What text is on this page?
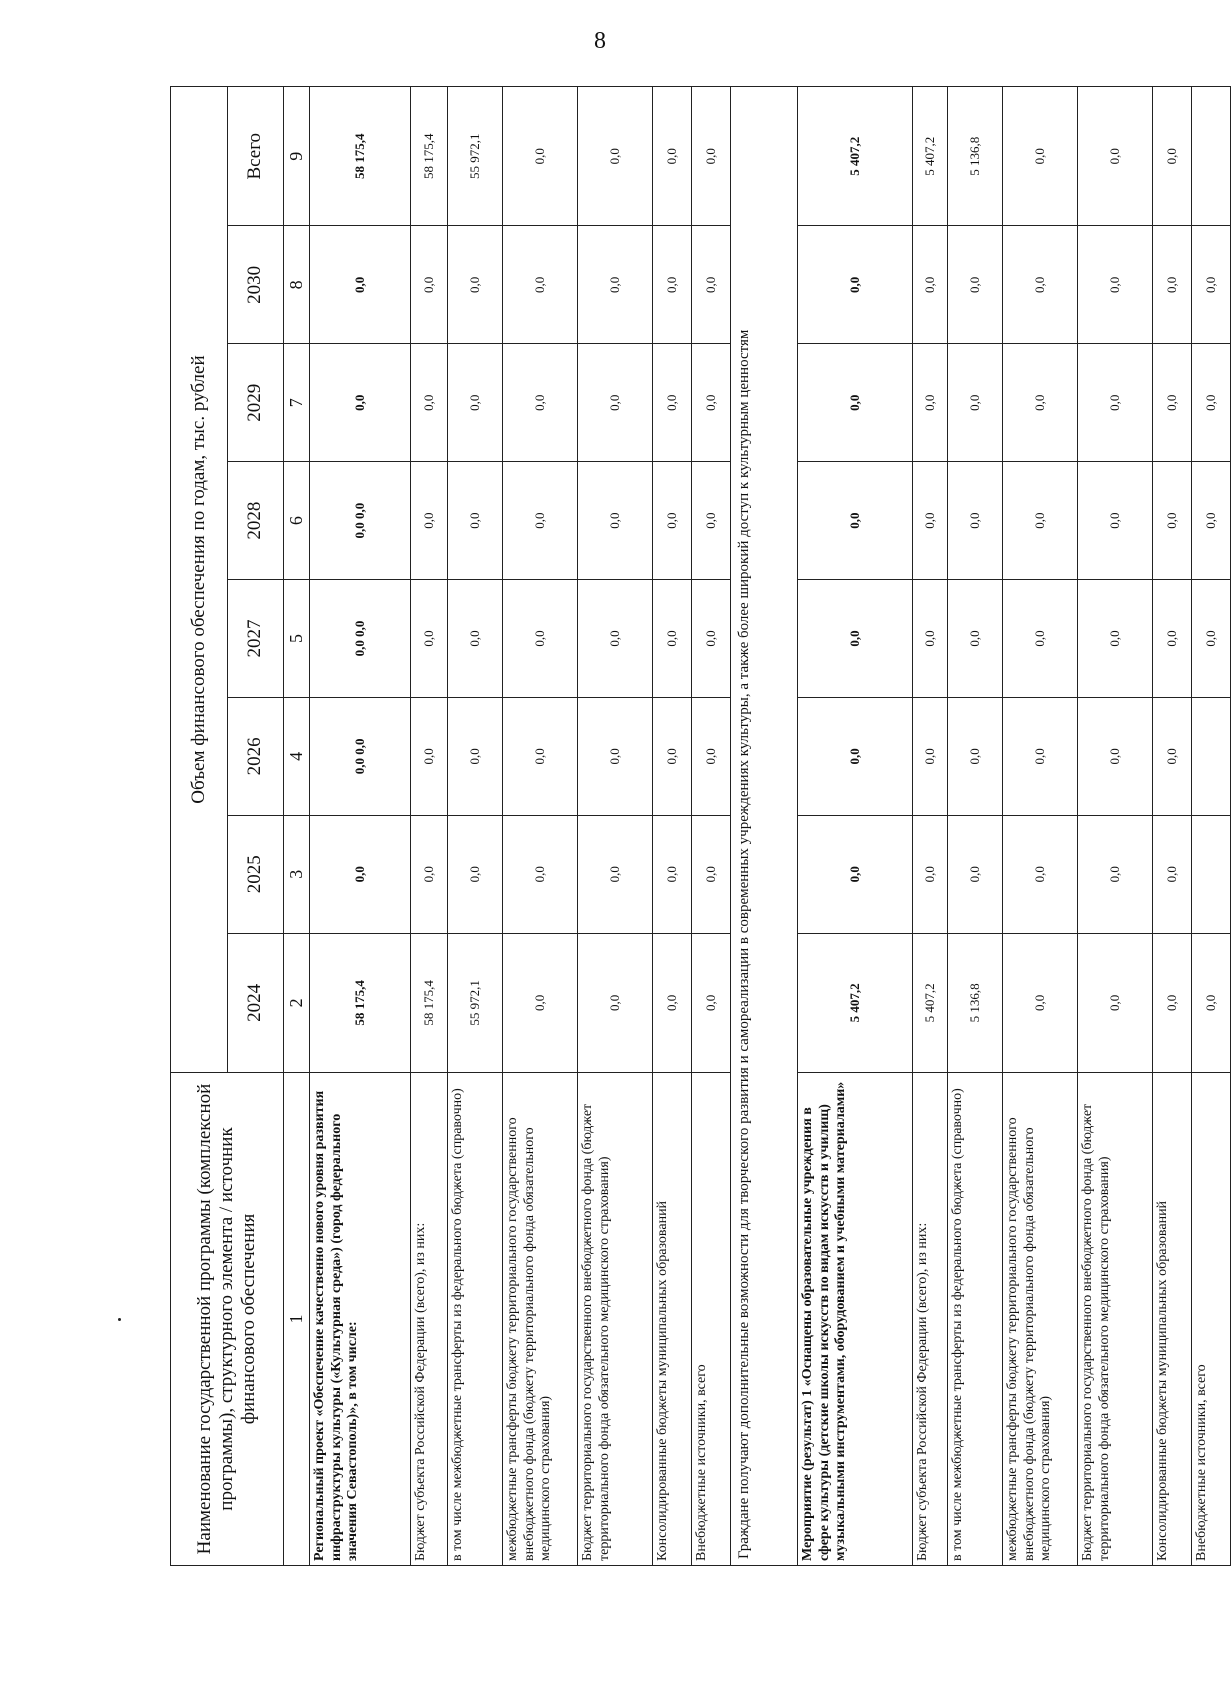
8
Наименование государственной программы (комплексной программы), структурного элемента / источник финансового обеспечения	Объем финансового обеспечения по годам, тыс. рублей							
	2024	2025	2026	2027	2028	2029	2030	Всего
1	2	3	4	5	6	7	8	9
Региональный проект «Обеспечение качественно нового уровня развития инфраструктуры культуры («Культурная среда») (город федерального значения Севастополь)», в том числе:	58 175,4	0,0	0,0 0,0	0,0 0,0	0,0 0,0	0,0	0,0	58 175,4
Бюджет субъекта Российской Федерации (всего), из них:	58 175,4	0,0	0,0	0,0	0,0	0,0	0,0	58 175,4
в том числе межбюджетные трансферты из федерального бюджета (справочно)	55 972,1	0,0	0,0	0,0	0,0	0,0	0,0	55 972,1
межбюджетные трансферты бюджету территориального государственного внебюджетного фонда (бюджету территориального фонда обязательного медицинского страхования)	0,0	0,0	0,0	0,0	0,0	0,0	0,0	0,0
Бюджет территориального государственного внебюджетного фонда (бюджет территориального фонда обязательного медицинского страхования)	0,0	0,0	0,0	0,0	0,0	0,0	0,0	0,0
Консолидированные бюджеты муниципальных образований	0,0	0,0	0,0	0,0	0,0	0,0	0,0	0,0
Внебюджетные источники, всего	0,0	0,0	0,0	0,0	0,0	0,0	0,0	0,0
Граждане получают дополнительные возможности для творческого развития и самореализации в современных учреждениях культуры, а также более широкий доступ к культурным ценностям								
Мероприятие (результат) 1 «Оснащены образовательные учреждения в сфере культуры (детские школы искусств по видам искусств и училищ) музыкальными инструментами, оборудованием и учебными материалами»	5 407,2	0,0	0,0	0,0	0,0	0,0	0,0	5 407,2
Бюджет субъекта Российской Федерации (всего), из них:	5 407,2	0,0	0,0	0,0	0,0	0,0	0,0	5 407,2
в том числе межбюджетные трансферты из федерального бюджета (справочно)	5 136,8	0,0	0,0	0,0	0,0	0,0	0,0	5 136,8
межбюджетные трансферты бюджету территориального государственного внебюджетного фонда (бюджету территориального фонда обязательного медицинского страхования)	0,0	0,0	0,0	0,0	0,0	0,0	0,0	0,0
Бюджет территориального государственного внебюджетного фонда (бюджет территориального фонда обязательного медицинского страхования)	0,0	0,0	0,0	0,0	0,0	0,0	0,0	0,0
Консолидированные бюджеты муниципальных образований	0,0	0,0	0,0	0,0	0,0	0,0	0,0	0,0
Внебюджетные источники, всего	0,0			0,0	0,0	0,0	0,0	
